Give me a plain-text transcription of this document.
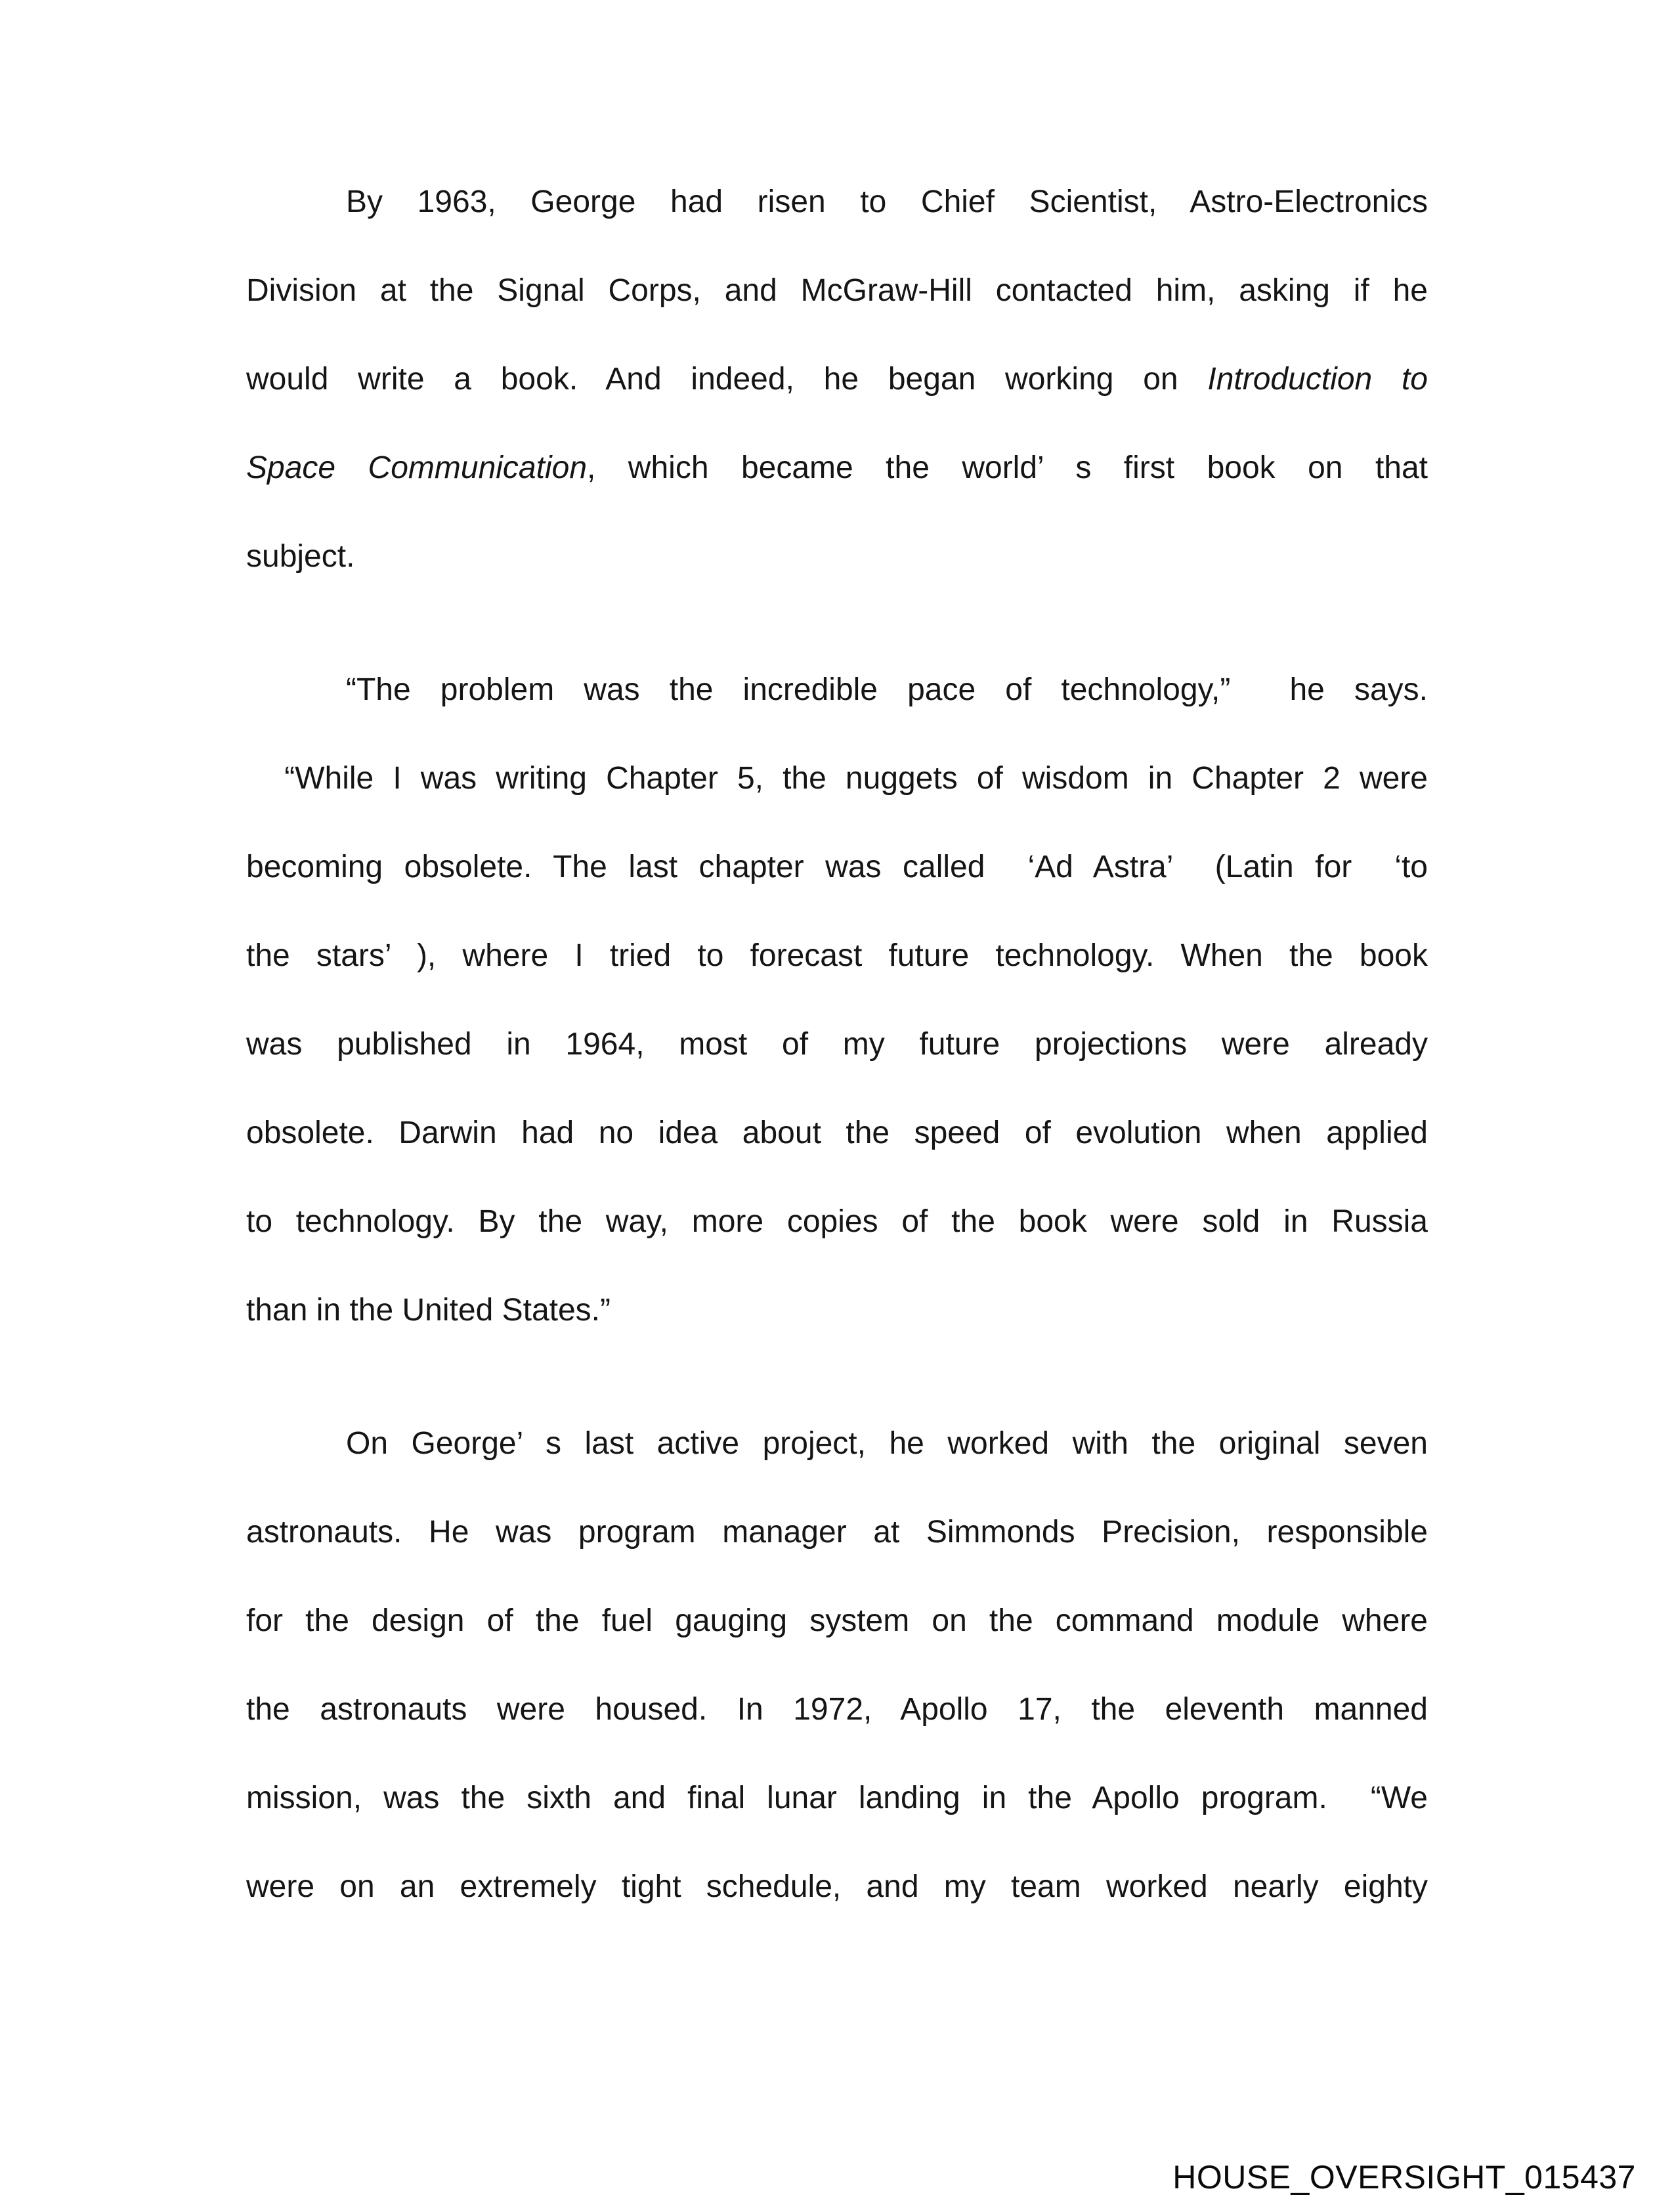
By 1963, George had risen to Chief Scientist, Astro-Electronics
Division at the Signal Corps, and McGraw-Hill contacted him, asking if he
would write a book. And indeed, he began working on Introduction to
Space Communication, which became the world’ s first book on that
subject.
“The problem was the incredible pace of technology,”  he says.
“While I was writing Chapter 5, the nuggets of wisdom in Chapter 2 were
becoming obsolete. The last chapter was called  ‘Ad Astra’  (Latin for  ‘to
the stars’ ), where I tried to forecast future technology. When the book
was published in 1964, most of my future projections were already
obsolete. Darwin had no idea about the speed of evolution when applied
to technology. By the way, more copies of the book were sold in Russia
than in the United States.”
On George’ s last active project, he worked with the original seven
astronauts. He was program manager at Simmonds Precision, responsible
for the design of the fuel gauging system on the command module where
the astronauts were housed. In 1972, Apollo 17, the eleventh manned
mission, was the sixth and final lunar landing in the Apollo program.  “We
were on an extremely tight schedule, and my team worked nearly eighty
HOUSE_OVERSIGHT_015437
